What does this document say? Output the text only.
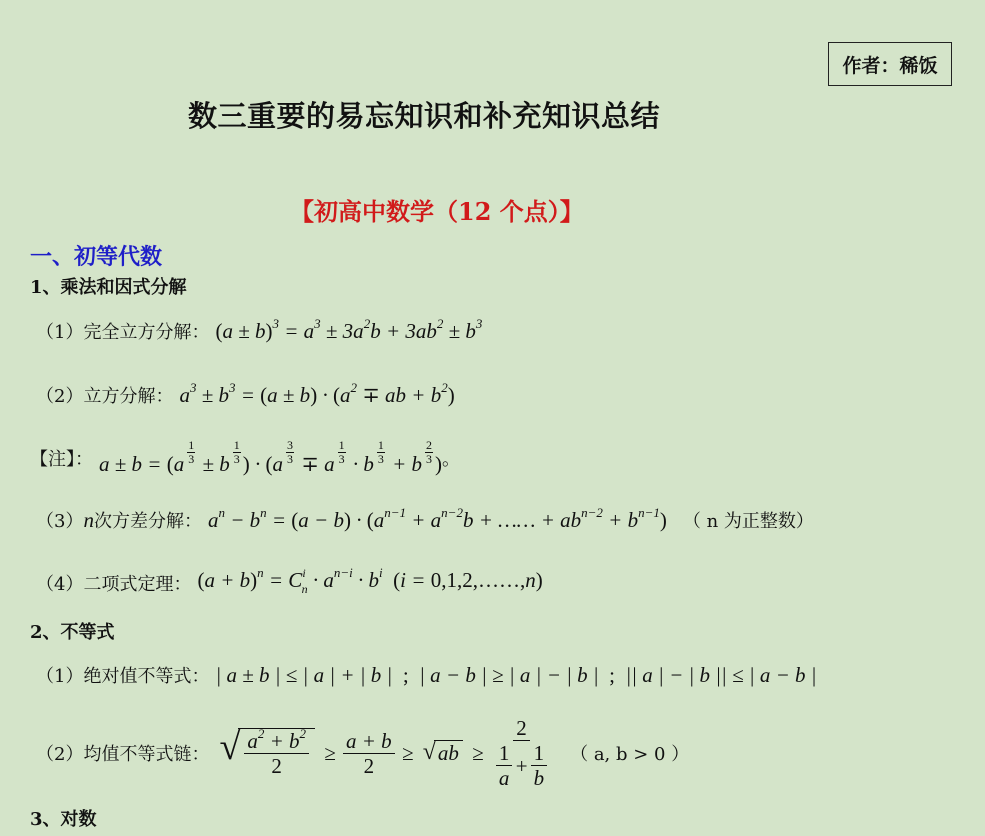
作者：稀饭
数三重要的易忘知识和补充知识总结
【初高中数学（12 个点）】
一、初等代数
1、乘法和因式分解
（1）完全立方分解： $(a \pm b)^3 = a^3 \pm 3a^2b + 3ab^2 \pm b^3$
（2）立方分解： $a^3 \pm b^3 = (a \pm b) \cdot (a^2$ ∓ ab + $b^2$)
【注】： $a \pm b = (a \frac{1}{3} \pm b \frac{1}{3}$ ) · ($a \frac{3}{3} \mp a \frac{1}{3} \cdot b \frac{1}{3} + b \frac{2}{3}$ ) 。
（3） n 次方差分解： $a^n - b^n = (a - b) \cdot (a^{n-1} + a^{n-2}b$ + …… + $ab^{n-2} + b^{n-1}$) （ n 为正整数）
（4）二项式定理： $(a + b)^n = C^i_n \cdot a^{n-i} \cdot b^i$ (i = 0,1,2,……,n)
2、不等式
（1）绝对值不等式： | a ± b | ≤ | a | + | b |  ;  | a − b | ≥ | a | − | b |  ;  || a | − | b || ≤ | a − b |
（2）均值不等式链： √ $\frac{a^2 + b^2}{2} \ge \frac{a + b}{2}$ ≥ √ ab ≥ $\frac{2}{\frac{1}{a} + \frac{1}{b}}$ （ a, b > 0 ）
3、对数
